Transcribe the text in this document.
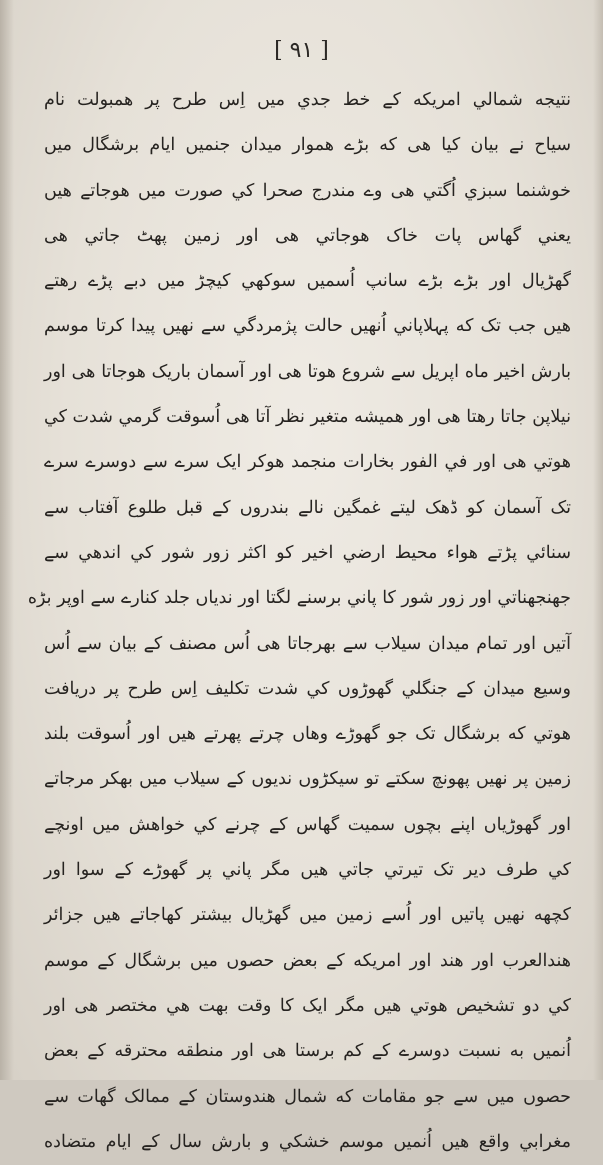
[ ۹۱ ]
نتیجه شمالي امریکه کے خط جدي میں اِس طرح پر همبولت نام
سیاح نے بیان کیا هی که بڑے هموار میدان جنمیں ایام برشگال میں
خوشنما سبزي اُگتي هی وے مندرج صحرا کي صورت میں هوجاتے هیں
یعني گهاس پات خاک هوجاتي هی اور زمین پهٹ جاتي هی
گهڑیال اور بڑے بڑے سانپ اُسمیں سوکهي کیچڑ میں دبے پڑے رهتے
هیں جب تک که پہلاپاني اُنهیں حالت پژمردگي سے نهیں پیدا کرتا موسم
بارش اخیر ماه اپریل سے شروع هوتا هی اور آسمان باریک هوجاتا هی اور
نیلاپن جاتا رهتا هی اور همیشه متغیر نظر آتا هی اُسوقت گرمي شدت کي
هوتي هی اور في الفور بخارات منجمد هوکر ایک سرے سے دوسرے سرے
تک آسمان کو ڈهک لیتے غمگین نالے بندروں کے قبل طلوع آفتاب سے
سنائي پڑتے هواء محیط ارضي اخیر کو اکثر زور شور کي اندهي سے
جهنجهناتي اور زور شور کا پاني برسنے لگتا اور ندیاں جلد کنارے سے اوپر بڑه
آتیں اور تمام میدان سیلاب سے بهرجاتا هی اُس مصنف کے بیان سے اُس
وسیع میدان کے جنگلي گهوڑوں کي شدت تکلیف اِس طرح پر دریافت
هوتي که برشگال تک جو گهوڑے وهاں چرتے پهرتے هیں اور اُسوقت بلند
زمین پر نهیں پهونچ سکتے تو سیکڑوں ندیوں کے سیلاب میں بهکر مرجاتے
اور گهوڑیاں اپنے بچوں سمیت گهاس کے چرنے کي خواهش میں اونچے
کي طرف دیر تک تیرتي جاتي هیں مگر پاني پر گهوڑے کے سوا اور
کچهه نهیں پاتیں اور اُسے زمین میں گهڑیال بیشتر کهاجاتے هیں جزائر
هندالعرب اور هند اور امریکه کے بعض حصوں میں برشگال کے موسم
کي دو تشخیص هوتي هیں مگر ایک کا وقت بهت هي مختصر هی اور
اُنمیں به نسبت دوسرے کے کم برستا هی اور منطقه محترقه کے بعض
حصوں میں سے جو مقامات که شمال هندوستان کے ممالک گهات سے
مغرابي واقع هیں اُنمیں موسم خشکي و بارش سال کے ایام متضاده
